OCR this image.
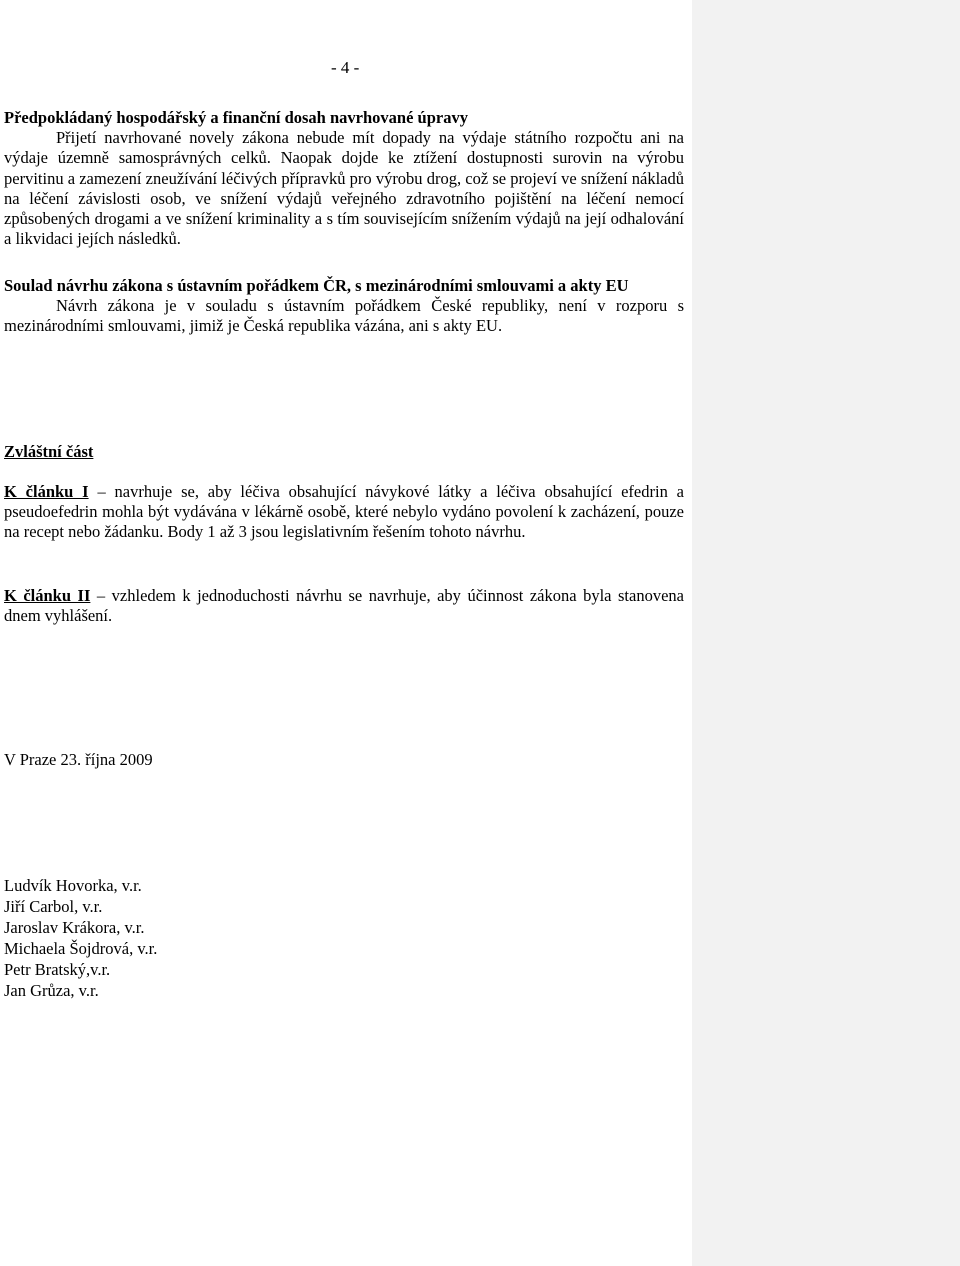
- 4 -

Předpokládaný hospodářský a finanční dosah navrhované úpravy

Přijetí navrhované novely zákona nebude mít dopady na výdaje státního rozpočtu ani na výdaje územně samosprávných celků. Naopak dojde ke ztížení dostupnosti surovin na výrobu pervitinu a zamezení zneužívání léčivých přípravků pro výrobu drog, což se projeví ve snížení nákladů na léčení závislosti osob, ve snížení výdajů veřejného zdravotního pojištění na léčení nemocí způsobených drogami a ve snížení kriminality a s tím souvisejícím snížením výdajů na její odhalování a likvidaci jejích následků.

Soulad návrhu zákona s ústavním pořádkem ČR, s mezinárodními smlouvami a akty EU

Návrh zákona je v souladu s ústavním pořádkem České republiky, není v rozporu s mezinárodními smlouvami, jimiž je Česká republika vázána, ani s akty EU.

Zvláštní část

K článku I – navrhuje se, aby léčiva obsahující návykové látky a léčiva obsahující efedrin a pseudoefedrin mohla být vydávána v lékárně osobě, které nebylo vydáno povolení k zacházení, pouze na recept nebo žádanku. Body 1 až 3 jsou legislativním řešením tohoto návrhu.

K článku II – vzhledem k jednoduchosti návrhu se navrhuje, aby účinnost zákona byla stanovena dnem vyhlášení.

V Praze 23. října 2009

Ludvík Hovorka, v.r.

Jiří Carbol, v.r.

Jaroslav Krákora, v.r.

Michaela Šojdrová, v.r.

Petr Bratský,v.r.

Jan Grůza, v.r.
